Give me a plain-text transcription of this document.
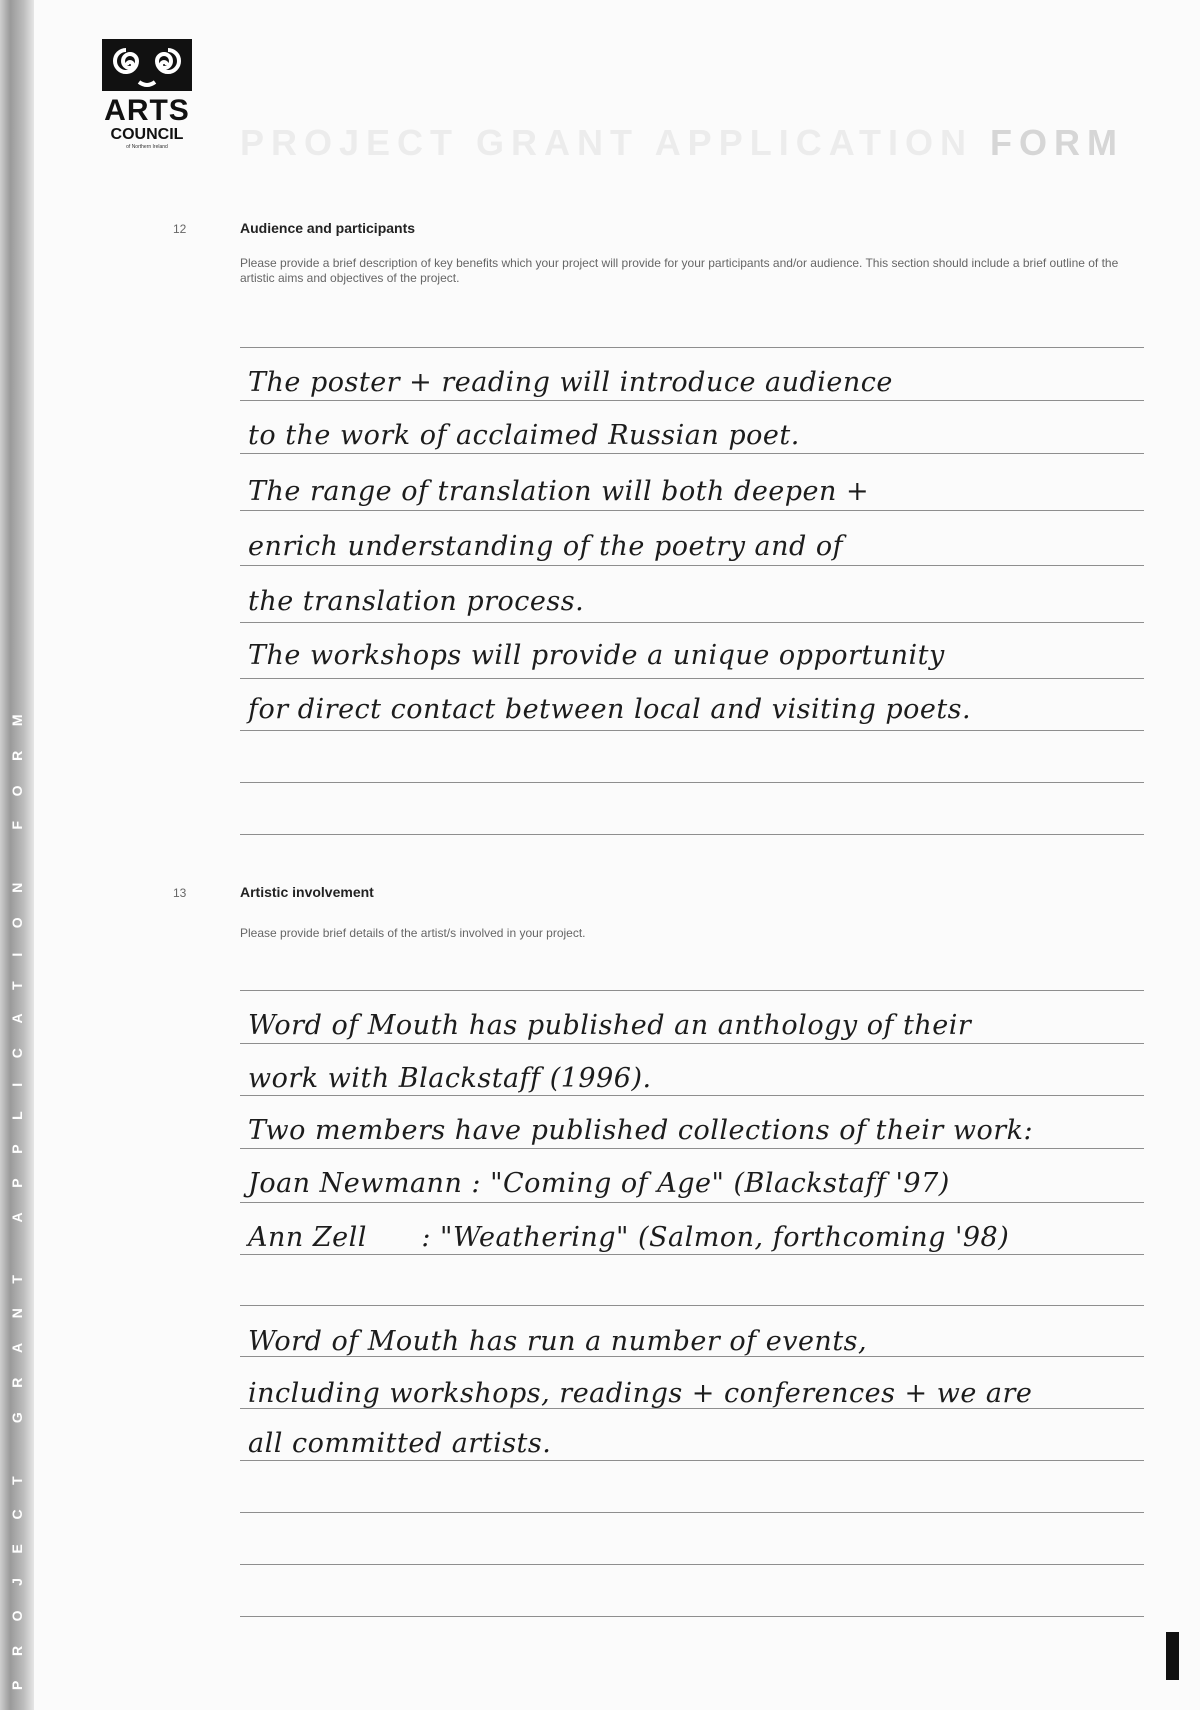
PROJECT GRANT APPLICATION FORM
ARTS
COUNCIL
of Northern Ireland	PROJECT GRANT APPLICATION FORM
12	Audience and participants
Please provide a brief description of key benefits which your project will provide for your participants and/or audience. This section should include a brief outline of the artistic aims and objectives of the project.
The poster + reading will introduce audience
to the work of acclaimed Russian poet.
The range of translation will both deepen +
enrich understanding of the poetry and of
the translation process.
The workshops will provide a unique opportunity
for direct contact between local and visiting poets.
13	Artistic involvement
Please provide brief details of the artist/s involved in your project.
Word of Mouth has published an anthology of their
work with Blackstaff (1996).
Two members have published collections of their work:
Joan Newmann : "Coming of Age" (Blackstaff '97)
Ann Zell      : "Weathering" (Salmon, forthcoming '98)
Word of Mouth has run a number of events,
including workshops, readings + conferences + we are
all committed artists.
